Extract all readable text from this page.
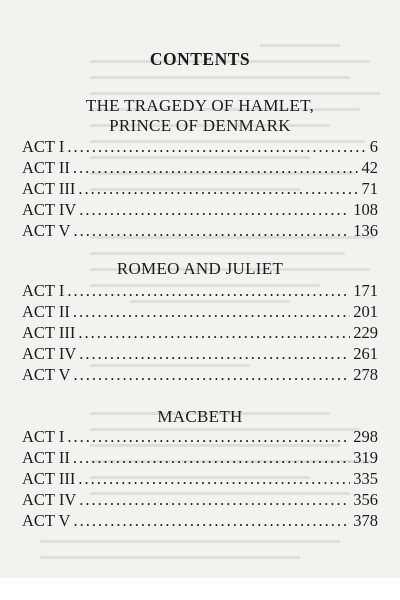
CONTENTS
THE TRAGEDY OF HAMLET,
PRINCE OF DENMARK
ACT I .....	6
ACT II .....	42
ACT III .....	71
ACT IV .....	108
ACT V .....	136
ROMEO AND JULIET
ACT I .....	171
ACT II .....	201
ACT III .....	229
ACT IV .....	261
ACT V .....	278
MACBETH
ACT I .....	298
ACT II .....	319
ACT III .....	335
ACT IV .....	356
ACT V .....	378
